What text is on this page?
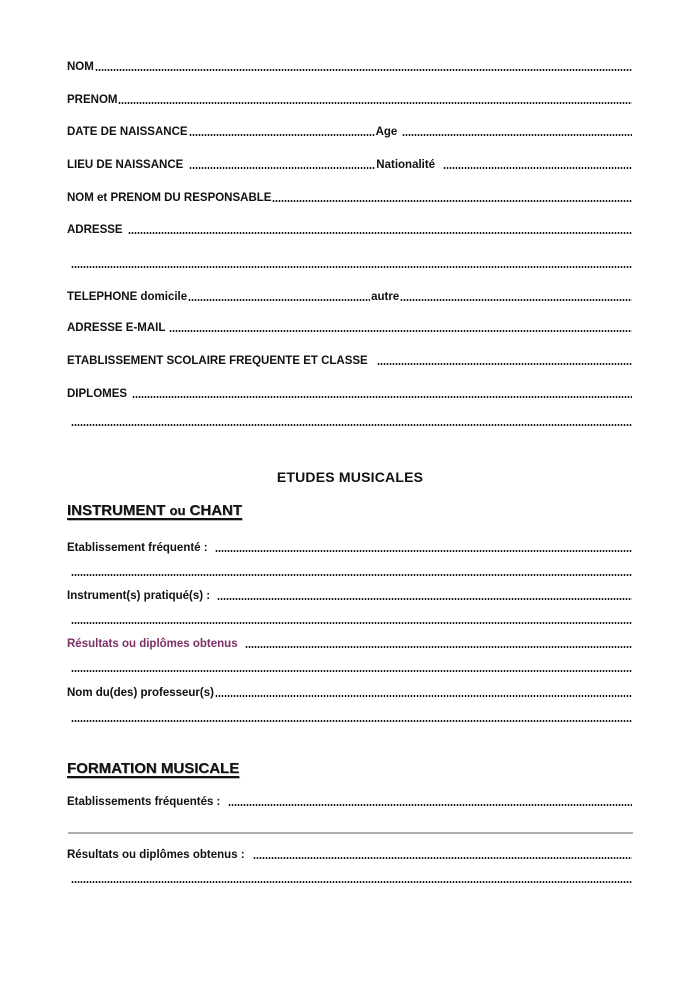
NOM
PRENOM
DATE DE NAISSANCE	Age
LIEU DE NAISSANCE	Nationalité
NOM et PRENOM DU RESPONSABLE
ADRESSE
TELEPHONE domicile	autre
ADRESSE E-MAIL
ETABLISSEMENT SCOLAIRE FREQUENTE ET CLASSE
DIPLOMES
ETUDES MUSICALES
INSTRUMENT ou CHANT
Etablissement fréquenté :
Instrument(s) pratiqué(s) :
Résultats ou diplômes obtenus
Nom du(des) professeur(s)
FORMATION MUSICALE
Etablissements fréquentés :
Résultats ou diplômes obtenus :
